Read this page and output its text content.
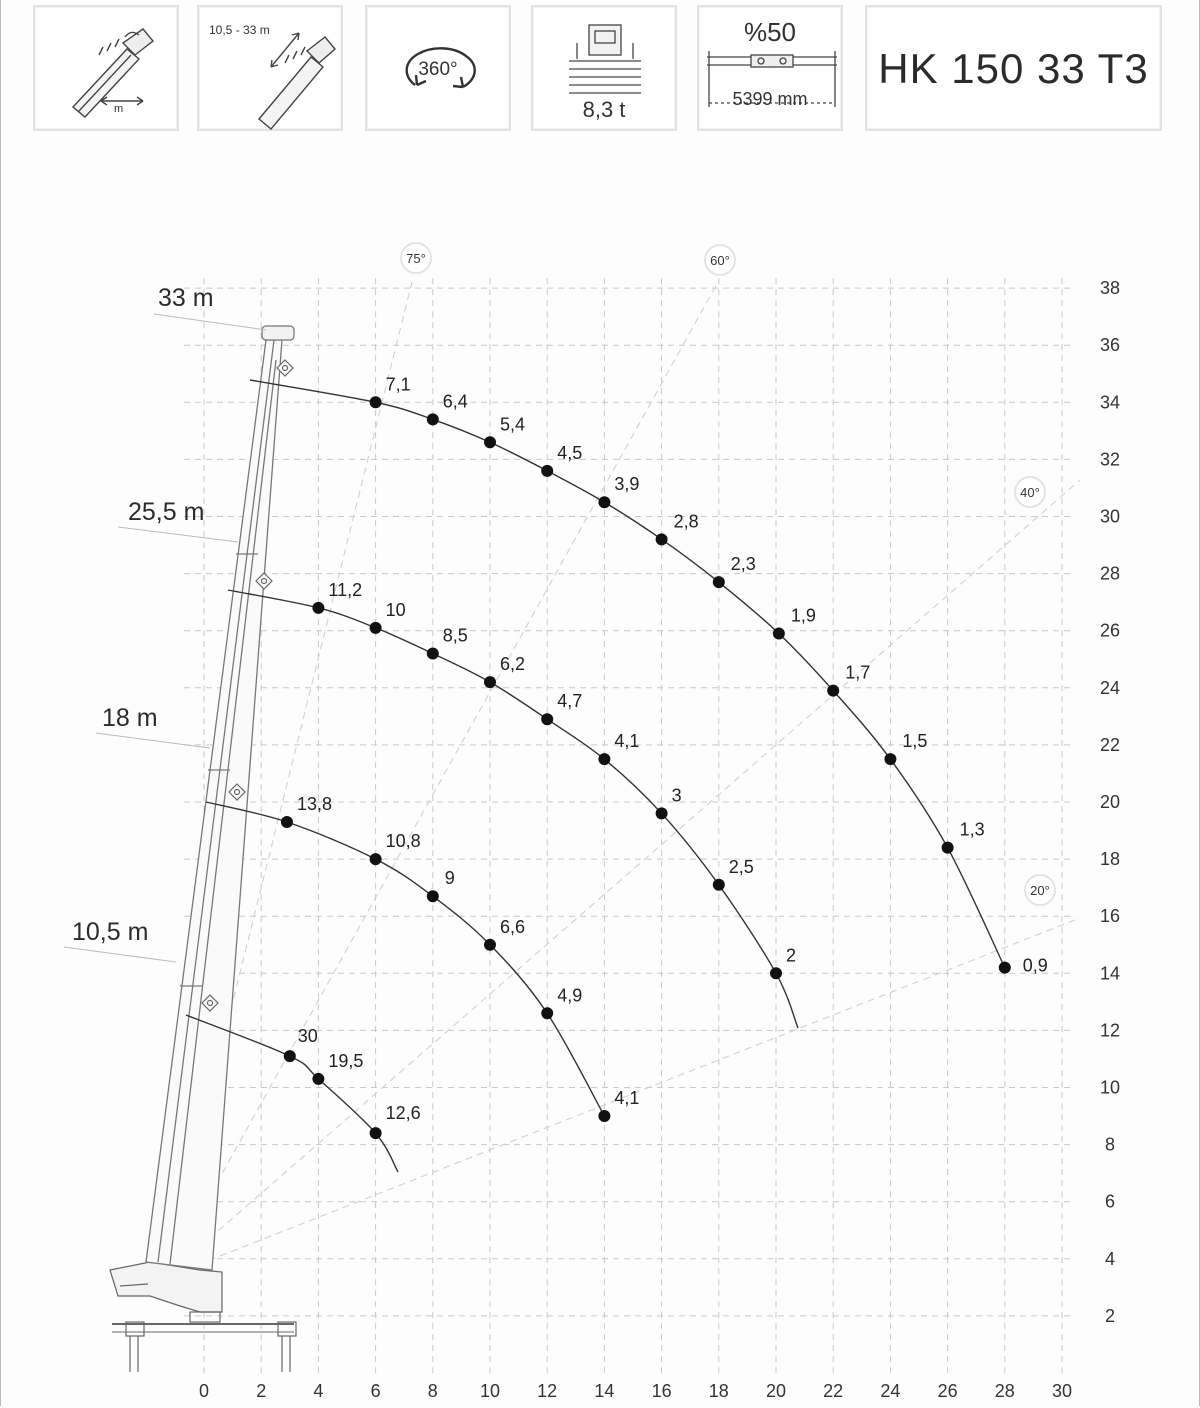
m
10,5 - 33 m
360°
8,3 t
%50
5399 mm
HK 150 33 T3
75°	60°
40°
20°
33 m
25,5 m
18 m
10,5 m
7,1
6,4
5,4
4,5
3,9
2,8
2,3
1,9
1,7
1,5
1,3
0,9
11,2
10
8,5
6,2
4,7
4,1
3
2,5
2
13,8
10,8
9
6,6
4,9
4,1
30
19,5
12,6
0	2	4	6	8 10 12 14 16 18 20 22 24 26 28 30
2
4
6
8
10
12
14
16
18
20
22
24
26
28
30
32
34
36
38
